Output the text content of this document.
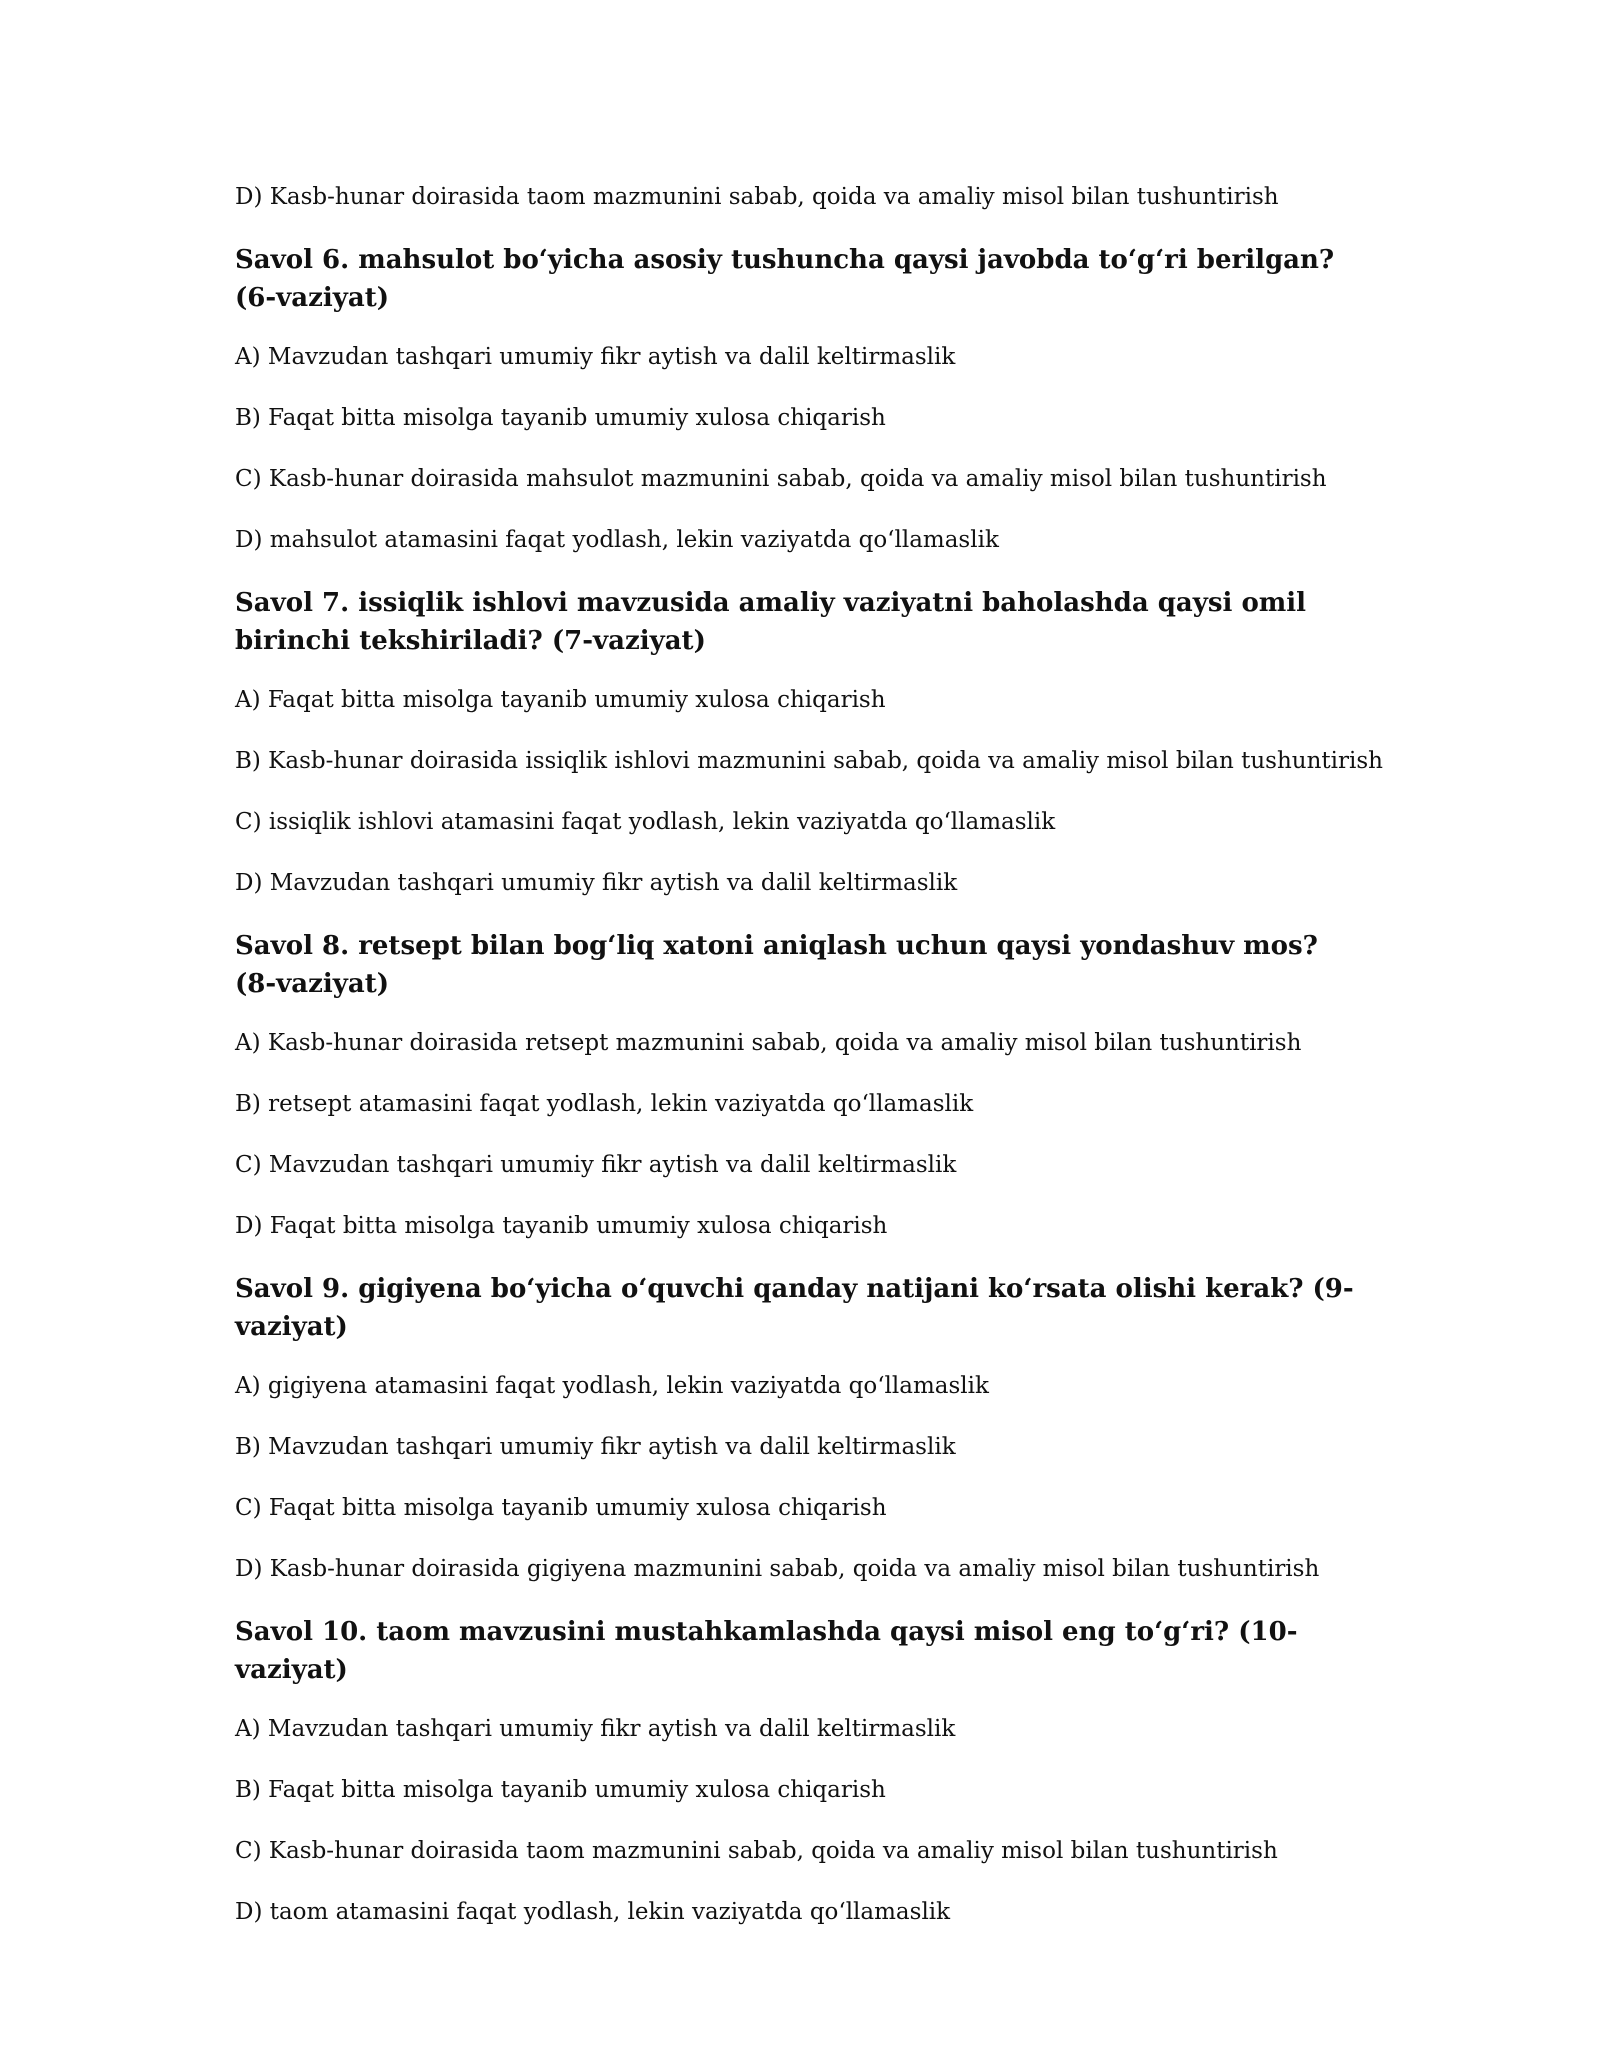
D) Kasb-hunar doirasida taom mazmunini sabab, qoida va amaliy misol bilan tushuntirish

Savol 6. mahsulot bo‘yicha asosiy tushuncha qaysi javobda to‘g‘ri berilgan? (6-vaziyat)

A) Mavzudan tashqari umumiy fikr aytish va dalil keltirmaslik

B) Faqat bitta misolga tayanib umumiy xulosa chiqarish

C) Kasb-hunar doirasida mahsulot mazmunini sabab, qoida va amaliy misol bilan tushuntirish

D) mahsulot atamasini faqat yodlash, lekin vaziyatda qo‘llamaslik

Savol 7. issiqlik ishlovi mavzusida amaliy vaziyatni baholashda qaysi omil birinchi tekshiriladi? (7-vaziyat)

A) Faqat bitta misolga tayanib umumiy xulosa chiqarish

B) Kasb-hunar doirasida issiqlik ishlovi mazmunini sabab, qoida va amaliy misol bilan tushuntirish

C) issiqlik ishlovi atamasini faqat yodlash, lekin vaziyatda qo‘llamaslik

D) Mavzudan tashqari umumiy fikr aytish va dalil keltirmaslik

Savol 8. retsept bilan bog‘liq xatoni aniqlash uchun qaysi yondashuv mos? (8-vaziyat)

A) Kasb-hunar doirasida retsept mazmunini sabab, qoida va amaliy misol bilan tushuntirish

B) retsept atamasini faqat yodlash, lekin vaziyatda qo‘llamaslik

C) Mavzudan tashqari umumiy fikr aytish va dalil keltirmaslik

D) Faqat bitta misolga tayanib umumiy xulosa chiqarish

Savol 9. gigiyena bo‘yicha o‘quvchi qanday natijani ko‘rsata olishi kerak? (9-vaziyat)

A) gigiyena atamasini faqat yodlash, lekin vaziyatda qo‘llamaslik

B) Mavzudan tashqari umumiy fikr aytish va dalil keltirmaslik

C) Faqat bitta misolga tayanib umumiy xulosa chiqarish

D) Kasb-hunar doirasida gigiyena mazmunini sabab, qoida va amaliy misol bilan tushuntirish

Savol 10. taom mavzusini mustahkamlashda qaysi misol eng to‘g‘ri? (10-vaziyat)

A) Mavzudan tashqari umumiy fikr aytish va dalil keltirmaslik

B) Faqat bitta misolga tayanib umumiy xulosa chiqarish

C) Kasb-hunar doirasida taom mazmunini sabab, qoida va amaliy misol bilan tushuntirish

D) taom atamasini faqat yodlash, lekin vaziyatda qo‘llamaslik
